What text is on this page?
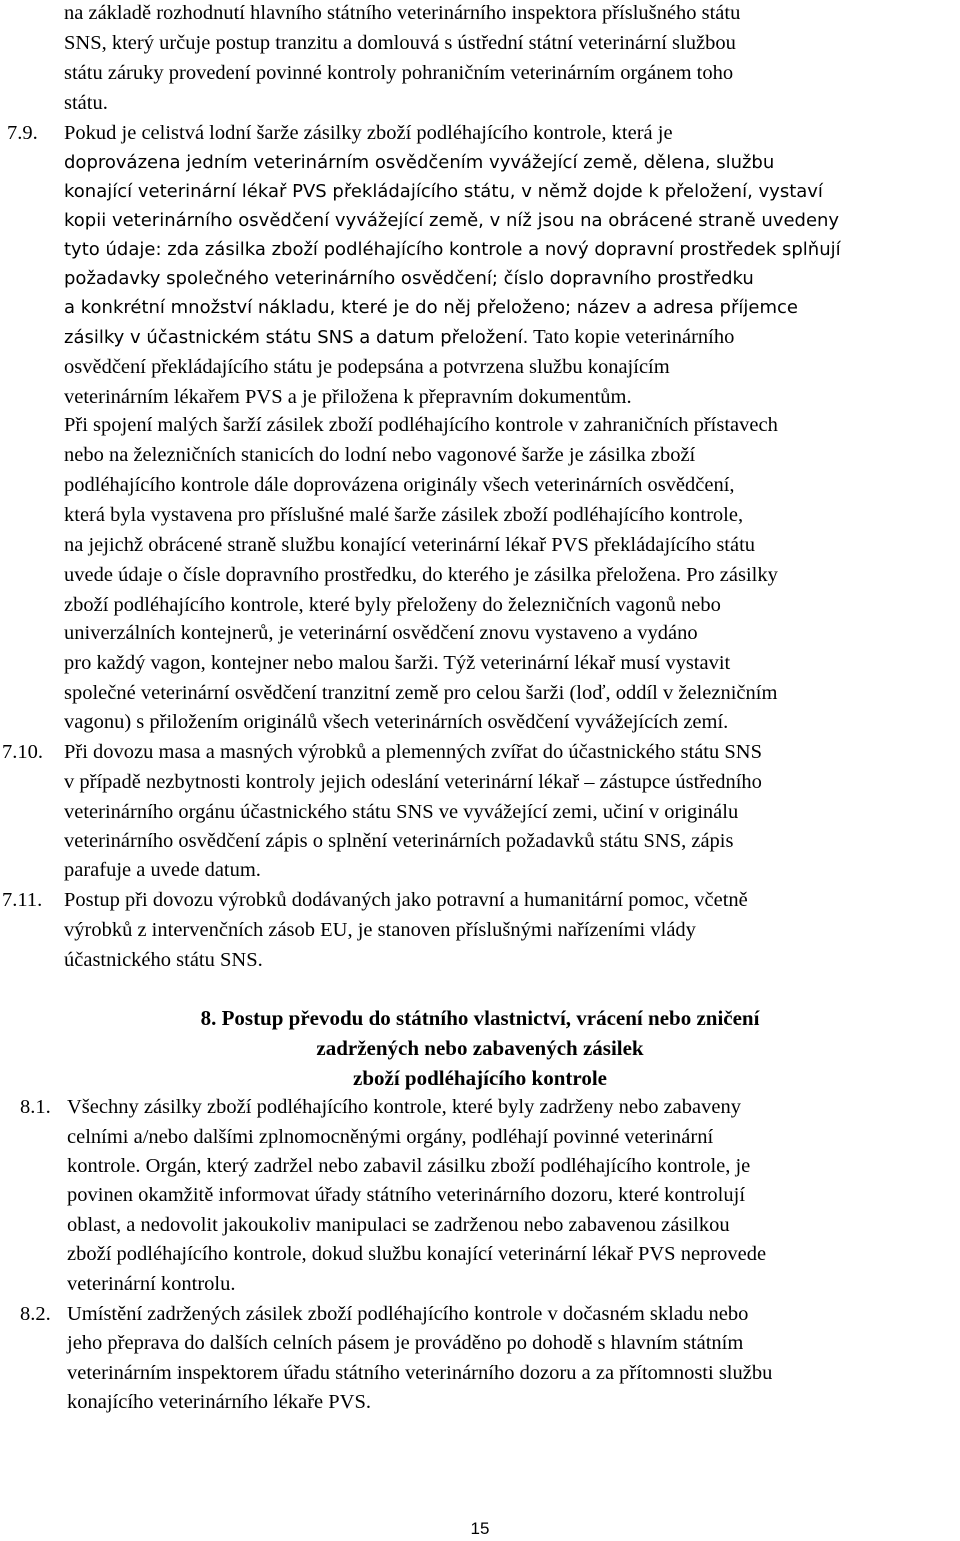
na základě rozhodnutí hlavního státního veterinárního inspektora příslušného státu
SNS, který určuje postup tranzitu a domlouvá s ústřední státní veterinární službou
státu záruky provedení povinné kontroly pohraničním veterinárním orgánem toho
státu.
7.9. Pokud je celistvá lodní šarže zásilky zboží podléhajícího kontrole, která je
doprovázena jedním veterinárním osvědčením vyvážející země, dělena, službu
konající veterinární lékař PVS překládajícího státu, v němž dojde k přeložení, vystaví
kopii veterinárního osvědčení vyvážející země, v níž jsou na obrácené straně uvedeny
tyto údaje: zda zásilka zboží podléhajícího kontrole a nový dopravní prostředek splňují
požadavky společného veterinárního osvědčení; číslo dopravního prostředku
a konkrétní množství nákladu, které je do něj přeloženo; název a adresa příjemce
zásilky v účastnickém státu SNS a datum přeložení. Tato kopie veterinárního
osvědčení překládajícího státu je podepsána a potvrzena službu konajícím
veterinárním lékařem PVS a je přiložena k přepravním dokumentům.
Při spojení malých šarží zásilek zboží podléhajícího kontrole v zahraničních přístavech
nebo na železničních stanicích do lodní nebo vagonové šarže je zásilka zboží
podléhajícího kontrole dále doprovázena originály všech veterinárních osvědčení,
která byla vystavena pro příslušné malé šarže zásilek zboží podléhajícího kontrole,
na jejichž obrácené straně službu konající veterinární lékař PVS překládajícího státu
uvede údaje o čísle dopravního prostředku, do kterého je zásilka přeložena. Pro zásilky
zboží podléhajícího kontrole, které byly přeloženy do železničních vagonů nebo
univerzálních kontejnerů, je veterinární osvědčení znovu vystaveno a vydáno
pro každý vagon, kontejner nebo malou šarži. Týž veterinární lékař musí vystavit
společné veterinární osvědčení tranzitní země pro celou šarži (loď, oddíl v železničním
vagonu) s přiložením originálů všech veterinárních osvědčení vyvážejících zemí.
7.10. Při dovozu masa a masných výrobků a plemenných zvířat do účastnického státu SNS
v případě nezbytnosti kontroly jejich odeslání veterinární lékař – zástupce ústředního
veterinárního orgánu účastnického státu SNS ve vyvážející zemi, učiní v originálu
veterinárního osvědčení zápis o splnění veterinárních požadavků státu SNS, zápis
parafuje a uvede datum.
7.11. Postup při dovozu výrobků dodávaných jako potravní a humanitární pomoc, včetně
výrobků z intervenčních zásob EU, je stanoven příslušnými nařízeními vlády
účastnického státu SNS.
8. Postup převodu do státního vlastnictví, vrácení nebo zničení
zadržených nebo zabavených zásilek
zboží podléhajícího kontrole
8.1. Všechny zásilky zboží podléhajícího kontrole, které byly zadrženy nebo zabaveny
celními a/nebo dalšími zplnomocněnými orgány, podléhají povinné veterinární
kontrole. Orgán, který zadržel nebo zabavil zásilku zboží podléhajícího kontrole, je
povinen okamžitě informovat úřady státního veterinárního dozoru, které kontrolují
oblast, a nedovolit jakoukoliv manipulaci se zadrženou nebo zabavenou zásilkou
zboží podléhajícího kontrole, dokud službu konající veterinární lékař PVS neprovede
veterinární kontrolu.
8.2. Umístění zadržených zásilek zboží podléhajícího kontrole v dočasném skladu nebo
jeho přeprava do dalších celních pásem je prováděno po dohodě s hlavním státním
veterinárním inspektorem úřadu státního veterinárního dozoru a za přítomnosti službu
konajícího veterinárního lékaře PVS.
15
